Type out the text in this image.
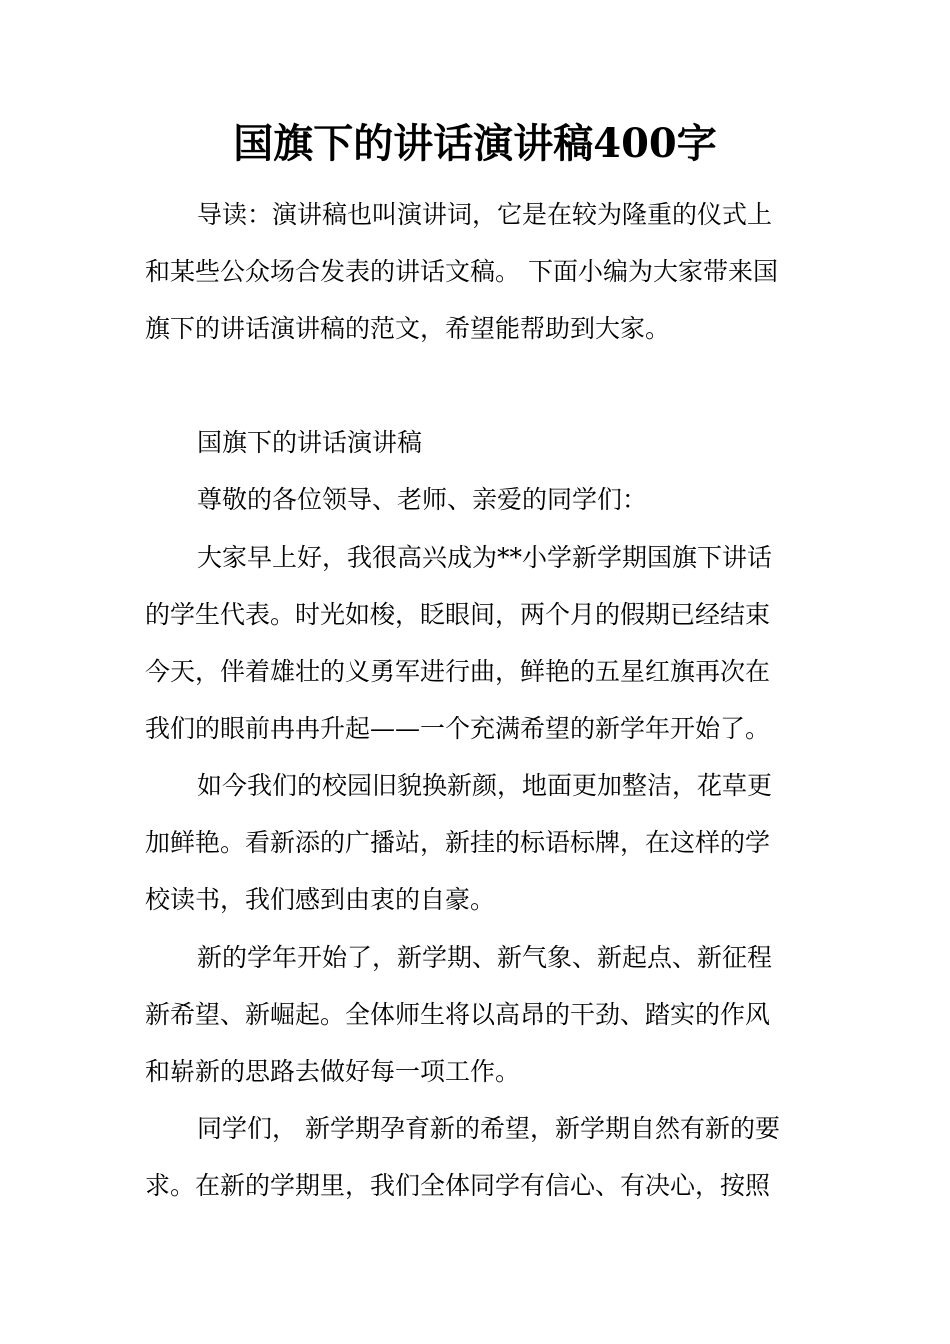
国旗下的讲话演讲稿400字
导读：演讲稿也叫演讲词，它是在较为隆重的仪式上
和某些公众场合发表的讲话文稿。 下面小编为大家带来国
旗下的讲话演讲稿的范文，希望能帮助到大家。
国旗下的讲话演讲稿
尊敬的各位领导、老师、亲爱的同学们：
大家早上好，我很高兴成为**小学新学期国旗下讲话
的学生代表。时光如梭，眨眼间，两个月的假期已经结束
今天，伴着雄壮的义勇军进行曲，鲜艳的五星红旗再次在
我们的眼前冉冉升起——一个充满希望的新学年开始了。
如今我们的校园旧貌换新颜，地面更加整洁，花草更
加鲜艳。看新添的广播站，新挂的标语标牌，在这样的学
校读书，我们感到由衷的自豪。
新的学年开始了，新学期、新气象、新起点、新征程
新希望、新崛起。全体师生将以高昂的干劲、踏实的作风
和崭新的思路去做好每一项工作。
同学们， 新学期孕育新的希望，新学期自然有新的要
求。在新的学期里，我们全体同学有信心、有决心，按照
